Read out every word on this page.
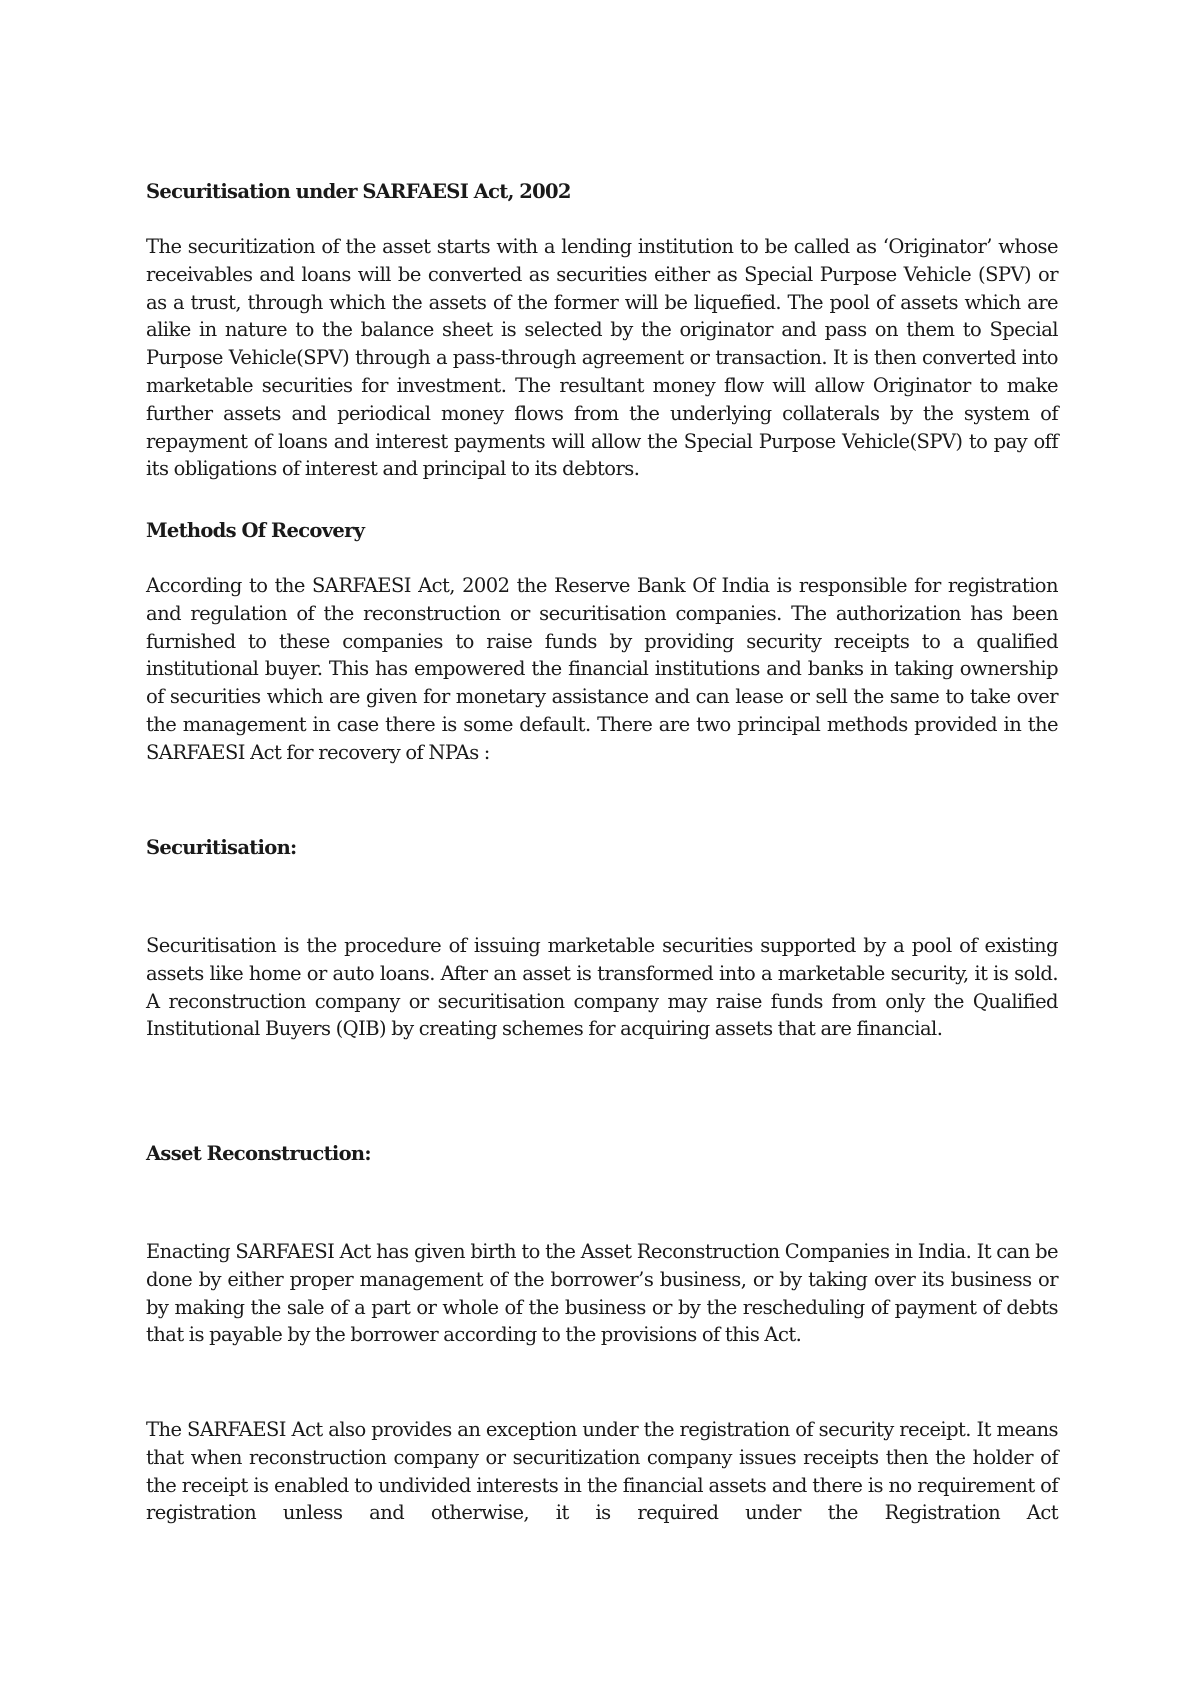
Securitisation under SARFAESI Act, 2002

The securitization of the asset starts with a lending institution to be called as ‘Originator’ whose receivables and loans will be converted as securities either as Special Purpose Vehicle (SPV) or as a trust, through which the assets of the former will be liquefied. The pool of assets which are alike in nature to the balance sheet is selected by the originator and pass on them to Special Purpose Vehicle(SPV) through a pass-through agreement or transaction. It is then converted into marketable securities for investment. The resultant money flow will allow Originator to make further assets and periodical money flows from the underlying collaterals by the system of repayment of loans and interest payments will allow the Special Purpose Vehicle(SPV) to pay off its obligations of interest and principal to its debtors.

Methods Of Recovery

According to the SARFAESI Act, 2002 the Reserve Bank Of India is responsible for registration and regulation of the reconstruction or securitisation companies. The authorization has been furnished to these companies to raise funds by providing security receipts to a qualified institutional buyer. This has empowered the financial institutions and banks in taking ownership of securities which are given for monetary assistance and can lease or sell the same to take over the management in case there is some default. There are two principal methods provided in the SARFAESI Act for recovery of NPAs :

Securitisation:

Securitisation is the procedure of issuing marketable securities supported by a pool of existing assets like home or auto loans. After an asset is transformed into a marketable security, it is sold. A reconstruction company or securitisation company may raise funds from only the Qualified Institutional Buyers (QIB) by creating schemes for acquiring assets that are financial.

Asset Reconstruction:

Enacting SARFAESI Act has given birth to the Asset Reconstruction Companies in India. It can be done by either proper management of the borrower’s business, or by taking over its business or by making the sale of a part or whole of the business or by the rescheduling of payment of debts that is payable by the borrower according to the provisions of this Act.

The SARFAESI Act also provides an exception under the registration of security receipt. It means that when reconstruction company or securitization company issues receipts then the holder of the receipt is enabled to undivided interests in the financial assets and there is no requirement of registration unless and otherwise, it is required under the Registration Act
